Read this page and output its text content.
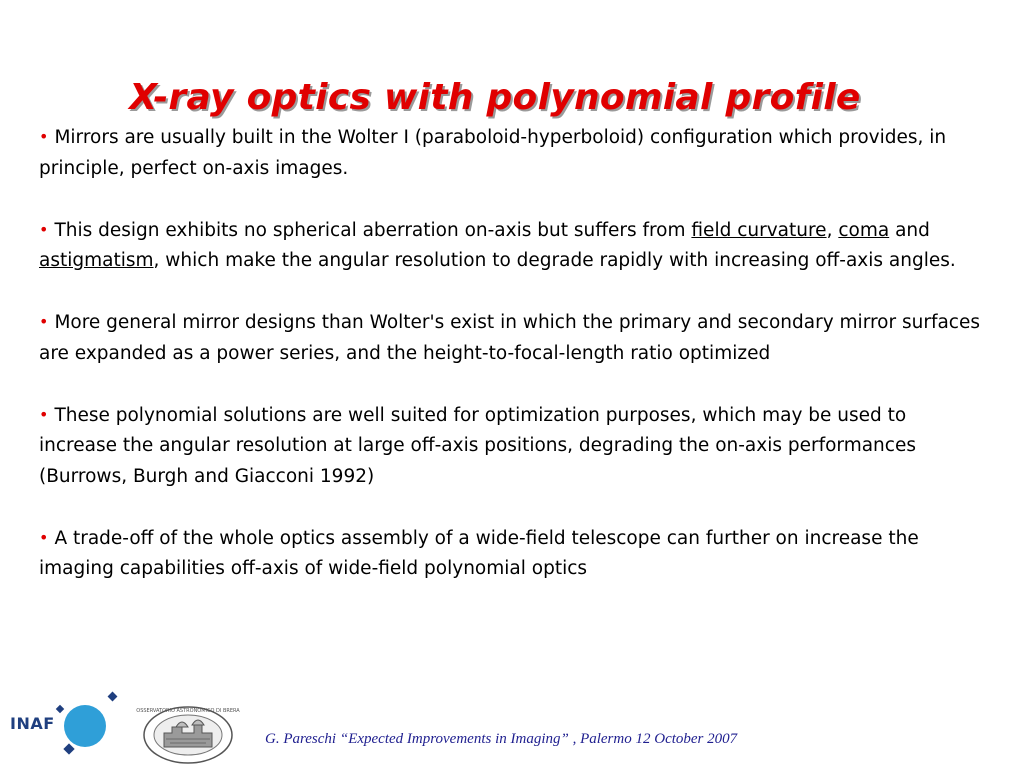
X-ray optics with polynomial profile

• Mirrors are usually built in the Wolter I (paraboloid-hyperboloid) configuration which provides, in principle, perfect on-axis images.

• This design exhibits no spherical aberration on-axis but suffers from field curvature, coma and astigmatism, which make the angular resolution to degrade rapidly with increasing off-axis angles.

• More general mirror designs than Wolter's exist in which the primary and secondary mirror surfaces are expanded as a power series, and the height-to-focal-length ratio optimized

• These polynomial solutions are well suited for optimization purposes, which may be used to increase the angular resolution at large off-axis positions, degrading the on-axis performances (Burrows, Burgh and Giacconi 1992)

• A trade-off of the whole optics assembly of a wide-field telescope can further on increase the imaging capabilities off-axis of wide-field polynomial optics

INAF
OSSERVATORIO ASTRONOMICO DI BRERA
G. Pareschi “Expected Improvements in Imaging” , Palermo 12 October 2007
